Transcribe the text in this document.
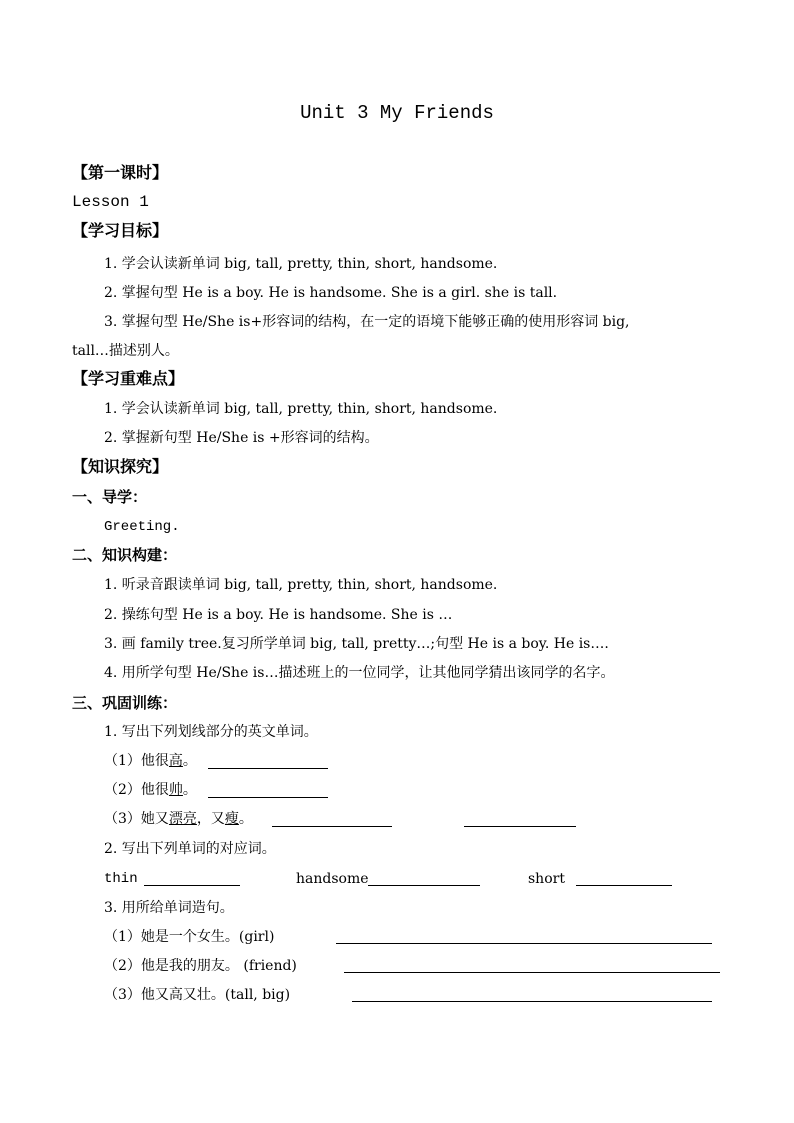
Unit 3 My Friends
【第一课时】
Lesson 1
【学习目标】
1. 学会认读新单词 big, tall, pretty, thin, short, handsome.
2. 掌握句型 He is a boy. He is handsome. She is a girl. she is tall.
3. 掌握句型 He/She is+形容词的结构，在一定的语境下能够正确的使用形容词 big,
tall…描述别人。
【学习重难点】
1. 学会认读新单词 big, tall, pretty, thin, short, handsome.
2. 掌握新句型 He/She is +形容词的结构。
【知识探究】
一、导学：
Greeting.
二、知识构建：
1. 听录音跟读单词 big, tall, pretty, thin, short, handsome.
2. 操练句型 He is a boy. He is handsome. She is …
3. 画 family tree.复习所学单词 big, tall, pretty…;句型 He is a boy. He is….
4. 用所学句型 He/She is…描述班上的一位同学，让其他同学猜出该同学的名字。
三、巩固训练：
1. 写出下列划线部分的英文单词。
（1）他很高。
（2）他很帅。
（3）她又漂亮，又瘦。
2. 写出下列单词的对应词。
thin	handsome	short
3. 用所给单词造句。
（1）她是一个女生。(girl)
（2）他是我的朋友。 (friend)
（3）他又高又壮。(tall, big)
